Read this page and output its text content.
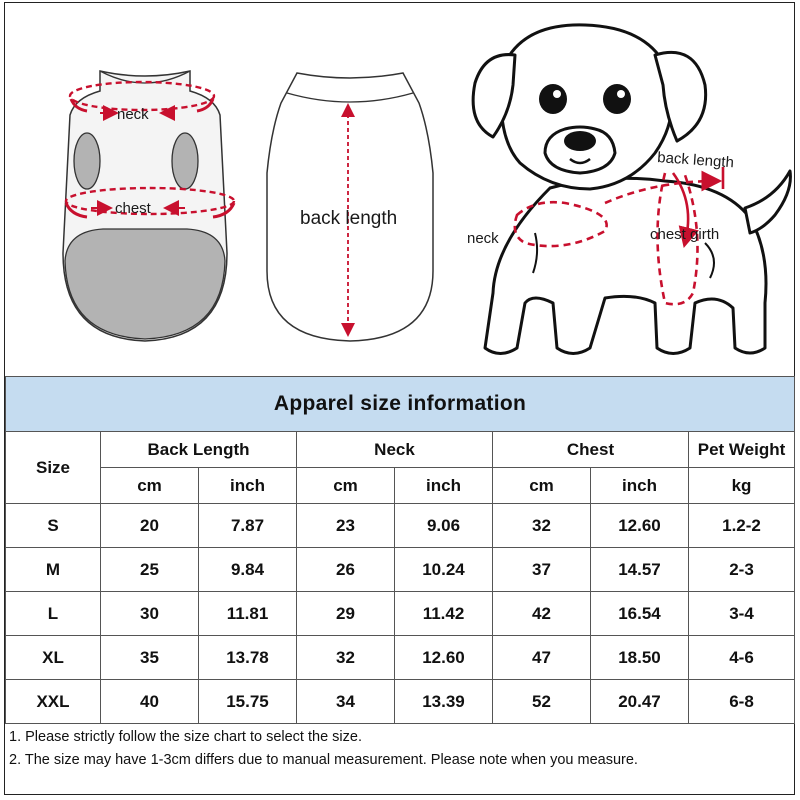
neck
chest	back length
back length
neck	chest girth
Apparel size information							
Size	Back Length		Neck		Chest		Pet Weight
	cm	inch	cm	inch	cm	inch	kg
S	20	7.87	23	9.06	32	12.60	1.2-2
M	25	9.84	26	10.24	37	14.57	2-3
L	30	11.81	29	11.42	42	16.54	3-4
XL	35	13.78	32	12.60	47	18.50	4-6
XXL	40	15.75	34	13.39	52	20.47	6-8
1. Please strictly follow the size chart to select the size.
2. The size may have 1-3cm differs due to manual measurement. Please note when you measure.
